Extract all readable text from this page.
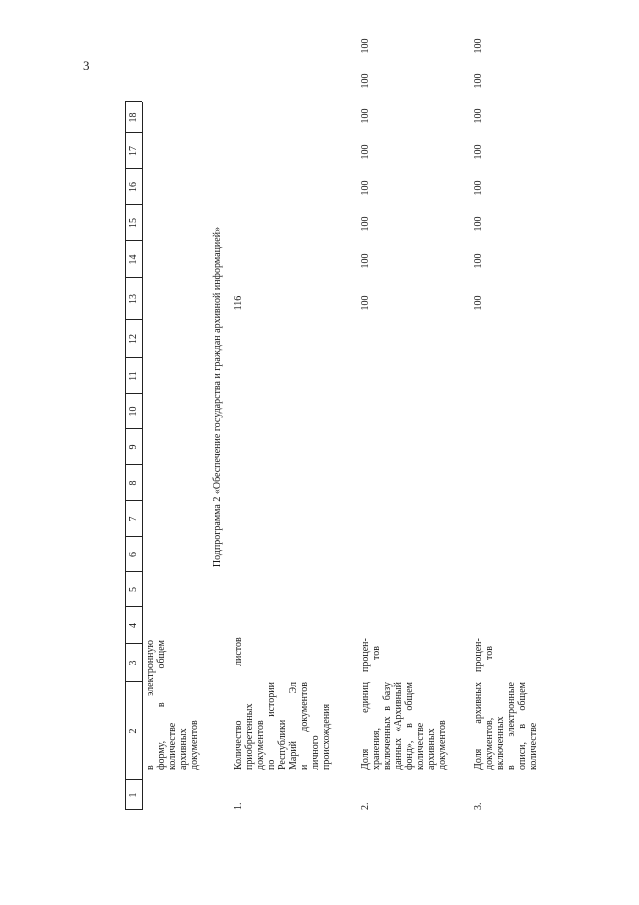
3
1
2
3
4
5
6
7
8
9
10
11
12
13
14
15
16
17
18
в электронную форму, в общем количестве архивных документов
Подпрограмма 2 «Обеспечение государства и граждан архивной информацией»
1.
Количество приобретенных документов по истории Республики Марий Эл и документов личного происхождения
листов
116
2.
Доля единиц хранения, включенных в базу данных «Архивный фонд», в общем количестве архивных документов
процен- тов
100
100
100
100
100
100
100
100
3.
Доля архивных документов, включенных в электронные описи, в общем количестве
процен- тов
100
100
100
100
100
100
100
100
